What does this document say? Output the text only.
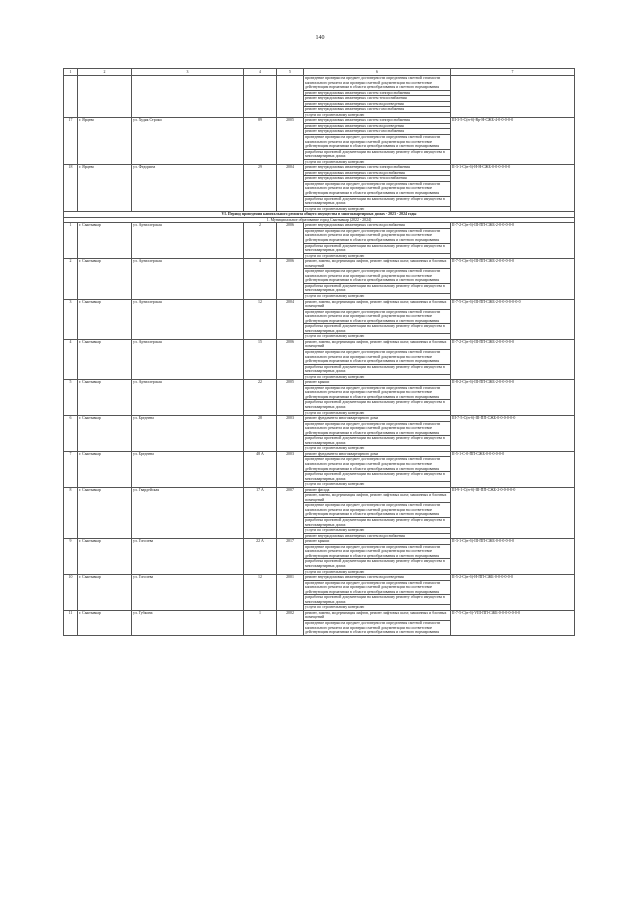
140
1	2	3	4	5	6	7
					проведение проверки на предмет достоверности определения сметной стоимости капитального ремонта или проверки сметной документации на соответствие действующим нормативам в области ценообразования и сметного нормирования	
					ремонт внутридомовых инженерных систем электроснабжения	
					ремонт внутридомовых инженерных систем теплоснабжения	
					ремонт внутридомовых инженерных систем водоотведения	
					ремонт внутридомовых инженерных систем газоснабжения	
					услуги по строительному контролю	
17	г. Ярцево	ул. Худяк Строки	89	2005	ремонт внутридомовых инженерных систем электроснабжения	III-3-5-С(н-б)-Вр-Н-СЖБ-4-0-0-0-0-0
					ремонт внутридомовых инженерных систем водоотведения	
					ремонт внутридомовых инженерных систем газоснабжения	
					проведение проверки на предмет достоверности определения сметной стоимости капитального ремонта или проверки сметной документации на соответствие действующим нормативам в области ценообразования и сметного нормирования	
					разработка проектной документации на капитальному ремонту общего имущества в многоквартирных домах	
					услуги по строительному контролю	
18	г. Ярцево	ул. Федорина	29	2004	ремонт внутридомовых инженерных систем электроснабжения	II-3-1-С(н-б)-Н-Н-СЖБ-0-0-0-0-0-0
					ремонт внутридомовых инженерных систем водоснабжения	
					ремонт внутридомовых инженерных систем теплоснабжения	
					проведение проверки на предмет достоверности определения сметной стоимости капитального ремонта или проверки сметной документации на соответствие действующим нормативам в области ценообразования и сметного нормирования	
					разработка проектной документации на капитальному ремонту общего имущества в многоквартирных домах	
					услуги по строительному контролю	
VI. Период проведения капитального ремонта общего имущества в многоквартирных домах - 2023 - 2024 годы						
1. Муниципальное образование город Сыктывкар (2022 - 2024)						
1	г. Сыктывкар	ул. Артиллерская	2	2006	ремонт внутридомовых инженерных систем водоснабжения	II-7-2-С(н-б)-III-ПП-СЖБ-2-0-0-0-0-0
					проведение проверки на предмет достоверности определения сметной стоимости капитального ремонта или проверки сметной документации на соответствие действующим нормативам в области ценообразования и сметного нормирования	
					разработка проектной документации на капитальному ремонту общего имущества в многоквартирных домах	
					услуги по строительному контролю	
2	г. Сыктывкар	ул. Артиллерская	4	2006	ремонт, замена, модернизация лифтов, ремонт лифтовых шахт, машинных и блочных помещений	II-7-5-С(н-б)-III-ПП-СЖБ-2-0-0-0-0-0
					проведение проверки на предмет достоверности определения сметной стоимости капитального ремонта или проверки сметной документации на соответствие действующим нормативам в области ценообразования и сметного нормирования	
					разработка проектной документации на капитальному ремонту общего имущества в многоквартирных домах	
					услуги по строительному контролю	
3	г. Сыктывкар	ул. Артиллерская	12	2004	ремонт, замена, модернизация лифтов, ремонт лифтовых шахт, машинных и блочных помещений	II-7-5-С(н-б)-III-ПП-СЖБ-2-0-0-0-0-0-0-0
					проведение проверки на предмет достоверности определения сметной стоимости капитального ремонта или проверки сметной документации на соответствие действующим нормативам в области ценообразования и сметного нормирования	
					разработка проектной документации на капитальному ремонту общего имущества в многоквартирных домах	
					услуги по строительному контролю	
4	г. Сыктывкар	ул. Артиллерская	15	2006	ремонт, замена, модернизация лифтов, ремонт лифтовых шахт, машинных и блочных помещений	II-7-2-С(н-б)-III-ПП-СЖБ-2-0-0-0-0-0
					проведение проверки на предмет достоверности определения сметной стоимости капитального ремонта или проверки сметной документации на соответствие действующим нормативам в области ценообразования и сметного нормирования	
					разработка проектной документации на капитальному ремонту общего имущества в многоквартирных домах	
					услуги по строительному контролю	
5	г. Сыктывкар	ул. Артиллерская	22	2005	ремонт крыши	II-8-2-С(н-б)-III-ПП-СЖБ-2-0-0-0-0-0
					проведение проверки на предмет достоверности определения сметной стоимости капитального ремонта или проверки сметной документации на соответствие действующим нормативам в области ценообразования и сметного нормирования	
					разработка проектной документации на капитальному ремонту общего имущества в многоквартирных домах	
					услуги по строительному контролю	
6	г. Сыктывкар	ул. Бреднева	28	2003	ремонт фундамента многоквартирного дома	III-7-5-С(н-б)-III-ПП-СЖБ-0-0-0-0-0-0
					проведение проверки на предмет достоверности определения сметной стоимости капитального ремонта или проверки сметной документации на соответствие действующим нормативам в области ценообразования и сметного нормирования	
					разработка проектной документации на капитальному ремонту общего имущества в многоквартирных домах	
					услуги по строительному контролю	
7	г. Сыктывкар	ул. Бреднева	48 А	2003	ремонт фундамента многоквартирного дома	II-5-1-С-0-ПП-СЖБ-0-0-0-0-0-0
					проведение проверки на предмет достоверности определения сметной стоимости капитального ремонта или проверки сметной документации на соответствие действующим нормативам в области ценообразования и сметного нормирования	
					разработка проектной документации на капитальному ремонту общего имущества в многоквартирных домах	
					услуги по строительному контролю	
8	г. Сыктывкар	ул. Гвардейская	17 А	2007	ремонт фасада	III-9-1-С(н-б)-III-ПП-СЖБ-2-0-0-0-0-0
					ремонт, замена, модернизация лифтов, ремонт лифтовых шахт, машинных и блочных помещений	
					проведение проверки на предмет достоверности определения сметной стоимости капитального ремонта или проверки сметной документации на соответствие действующим нормативам в области ценообразования и сметного нормирования	
					разработка проектной документации на капитальному ремонту общего имущества в многоквартирных домах	
					услуги по строительному контролю	
					ремонт внутридомовых инженерных систем водоснабжения	
9	г. Сыктывкар	ул. Гоголева	22 А	2017	ремонт крыши	II-3-1-С(н-б)-III-ПП-СЖБ-0-0-0-0-0-0
					проведение проверки на предмет достоверности определения сметной стоимости капитального ремонта или проверки сметной документации на соответствие действующим нормативам в области ценообразования и сметного нормирования	
					разработка проектной документации на капитальному ремонту общего имущества в многоквартирных домах	
					услуги по строительному контролю	
10	г. Сыктывкар	ул. Гоголева	12	2001	ремонт внутридомовых инженерных систем водоотведения	II-5-2-С(н-б)-Н-ПП-СЖБ-0-0-0-0-0-0
					проведение проверки на предмет достоверности определения сметной стоимости капитального ремонта или проверки сметной документации на соответствие действующим нормативам в области ценообразования и сметного нормирования	
					разработка проектной документации на капитальному ремонту общего имущества в многоквартирных домах	
					услуги по строительному контролю	
11	г. Сыктывкар	ул. Губкина	1	2002	ремонт, замена, модернизация лифтов, ремонт лифтовых шахт, машинных и блочных помещений	II-7-5-С(н-б)-VIII-ПП-СЖБ-0-0-0-0-0-0-0
					проведение проверки на предмет достоверности определения сметной стоимости капитального ремонта или проверки сметной документации на соответствие действующим нормативам в области ценообразования и сметного нормирования	
